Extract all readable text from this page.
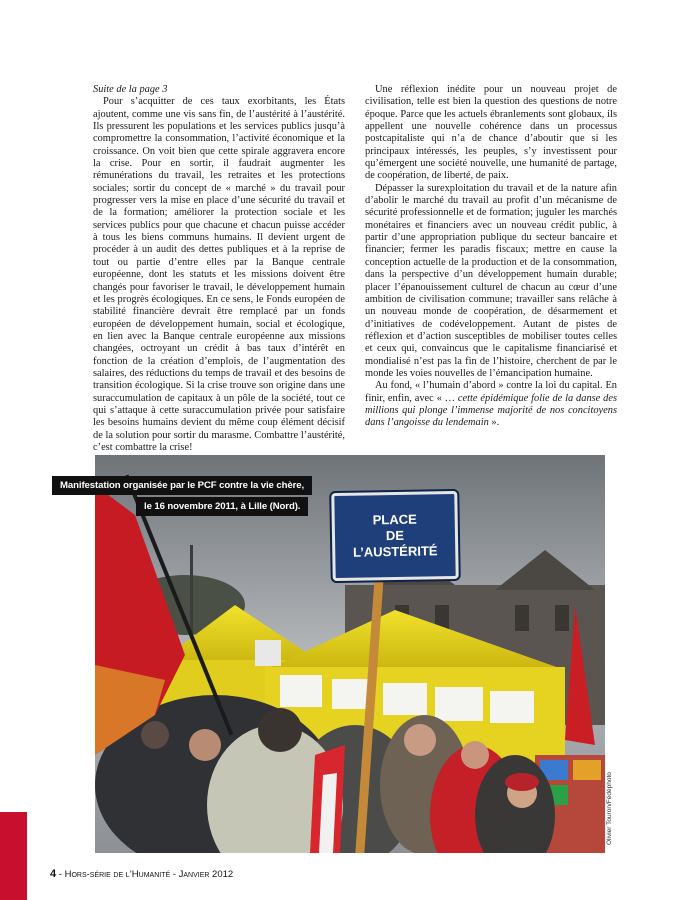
Suite de la page 3

Pour s’acquitter de ces taux exorbitants, les États ajoutent, comme une vis sans fin, de l’austérité à l’austérité. Ils pressurent les populations et les services publics jusqu’à compromettre la consommation, l’activité économique et la croissance. On voit bien que cette spirale aggravera encore la crise. Pour en sortir, il faudrait augmenter les rémunérations du travail, les retraites et les protections sociales; sortir du concept de « marché » du travail pour progresser vers la mise en place d’une sécurité du travail et de la formation; améliorer la protection sociale et les services publics pour que chacune et chacun puisse accéder à tous les biens communs humains. Il devient urgent de procéder à un audit des dettes publiques et à la reprise de tout ou partie d’entre elles par la Banque centrale européenne, dont les statuts et les missions doivent être changés pour favoriser le travail, le développement humain et les progrès écologiques. En ce sens, le Fonds européen de stabilité financière devrait être remplacé par un fonds européen de développement humain, social et écologique, en lien avec la Banque centrale européenne aux missions changées, octroyant un crédit à bas taux d’intérêt en fonction de la création d’emplois, de l’augmentation des salaires, des réductions du temps de travail et des besoins de transition écologique. Si la crise trouve son origine dans une suraccumulation de capitaux à un pôle de la société, tout ce qui s’attaque à cette suraccumulation privée pour satisfaire les besoins humains devient du même coup élément décisif de la solution pour sortir du marasme. Combattre l’austérité, c’est combattre la crise!

Une réflexion inédite pour un nouveau projet de civilisation, telle est bien la question des questions de notre époque. Parce que les actuels ébranlements sont globaux, ils appellent une nouvelle cohérence dans un processus postcapitaliste qui n’a de chance d’aboutir que si les principaux intéressés, les peuples, s’y investissent pour qu’émergent une société nouvelle, une humanité de partage, de coopération, de liberté, de paix.

Dépasser la surexploitation du travail et de la nature afin d’abolir le marché du travail au profit d’un mécanisme de sécurité professionnelle et de formation; juguler les marchés monétaires et financiers avec un nouveau crédit public, à partir d’une appropriation publique du secteur bancaire et financier; fermer les paradis fiscaux; mettre en cause la conception actuelle de la production et de la consommation, dans la perspective d’un développement humain durable; placer l’épanouissement culturel de chacun au cœur d’une ambition de civilisation commune; travailler sans relâche à un nouveau monde de coopération, de désarmement et d’initiatives de codéveloppement. Autant de pistes de réflexion et d’action susceptibles de mobiliser toutes celles et ceux qui, convaincus que le capitalisme financiarisé et mondialisé n’est pas la fin de l’histoire, cherchent de par le monde les voies nouvelles de l’émancipation humaine.

Au fond, « l’humain d’abord » contre la loi du capital. En finir, enfin, avec « … cette épidémique folie de la danse des millions qui plonge l’immense majorité de nos concitoyens dans l’angoisse du lendemain ».

PLACE
DE
L’AUSTÉRITÉ
Manifestation organisée par le PCF contre la vie chère,
le 16 novembre 2011, à Lille (Nord).
Olivier Touron/Fédéphoto
4 - Hors-série de l’Humanité - Janvier 2012
